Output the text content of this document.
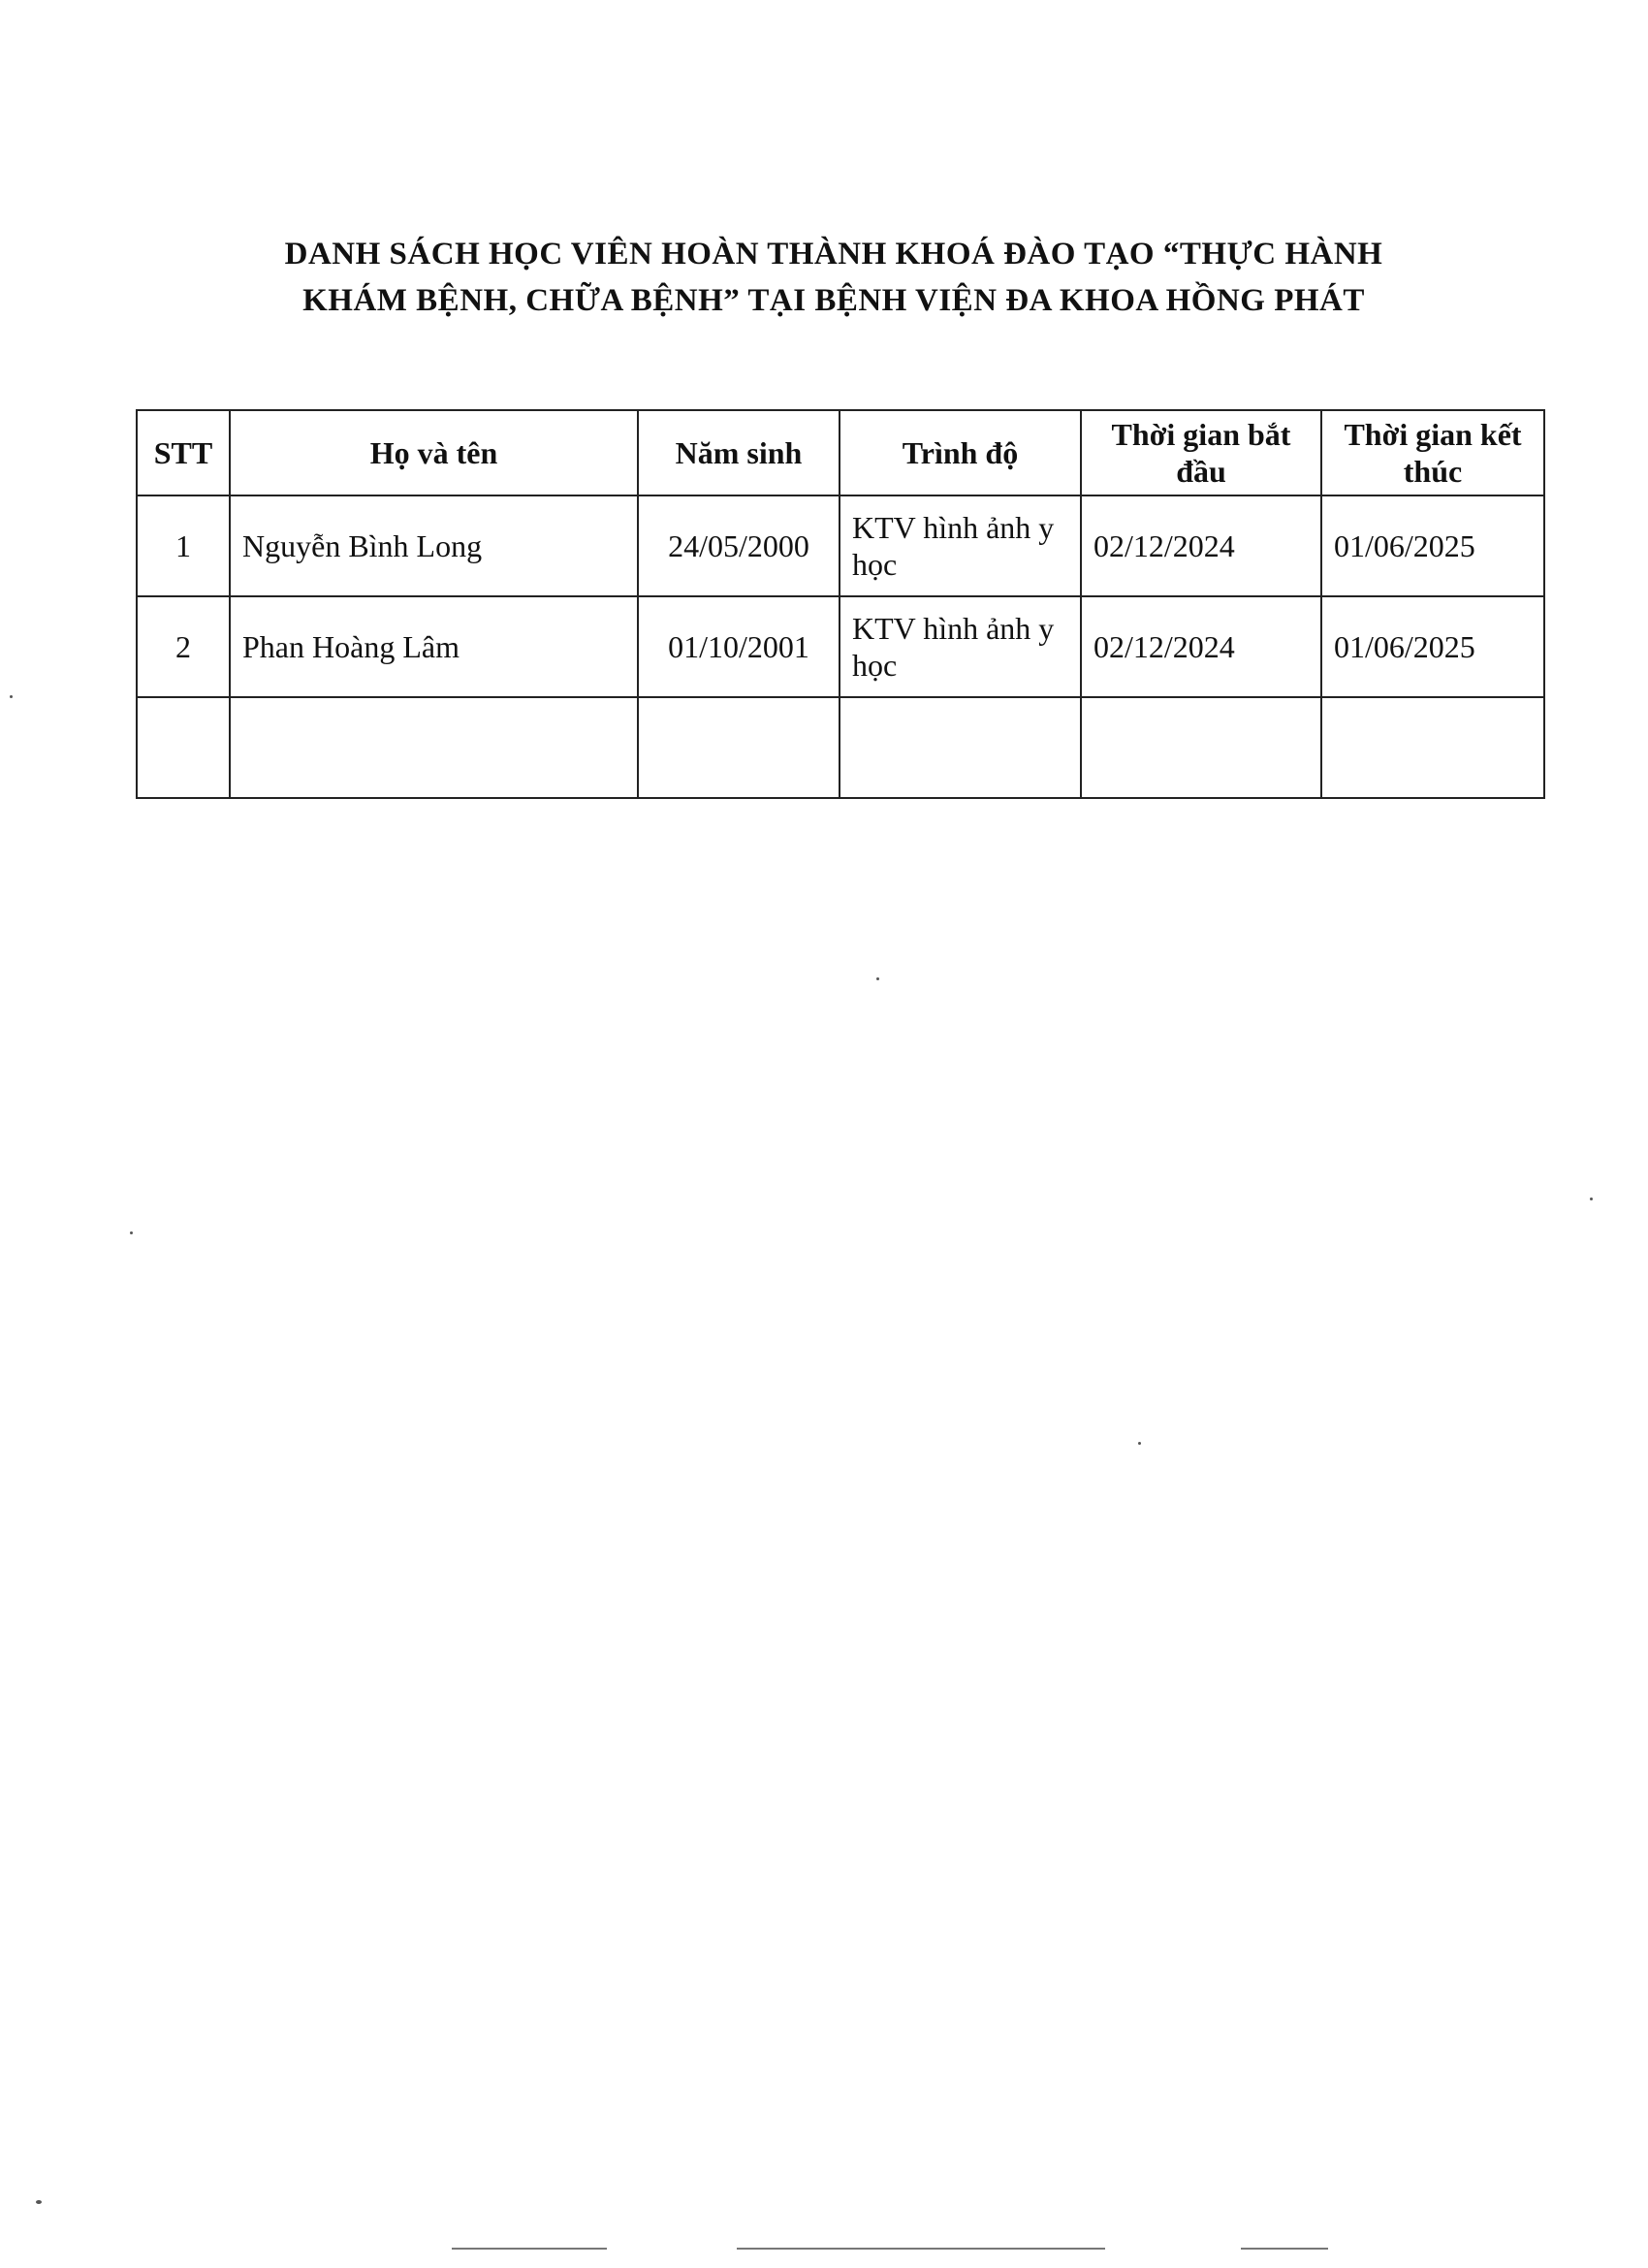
DANH SÁCH HỌC VIÊN HOÀN THÀNH KHOÁ ĐÀO TẠO “THỰC HÀNH
KHÁM BỆNH, CHỮA BỆNH” TẠI BỆNH VIỆN ĐA KHOA HỒNG PHÁT
STT	Họ và tên	Năm sinh	Trình độ	Thời gian bắt đầu	Thời gian kết thúc
1	Nguyễn Bình Long	24/05/2000	KTV hình ảnh y học	02/12/2024	01/06/2025
2	Phan Hoàng Lâm	01/10/2001	KTV hình ảnh y học	02/12/2024	01/06/2025
